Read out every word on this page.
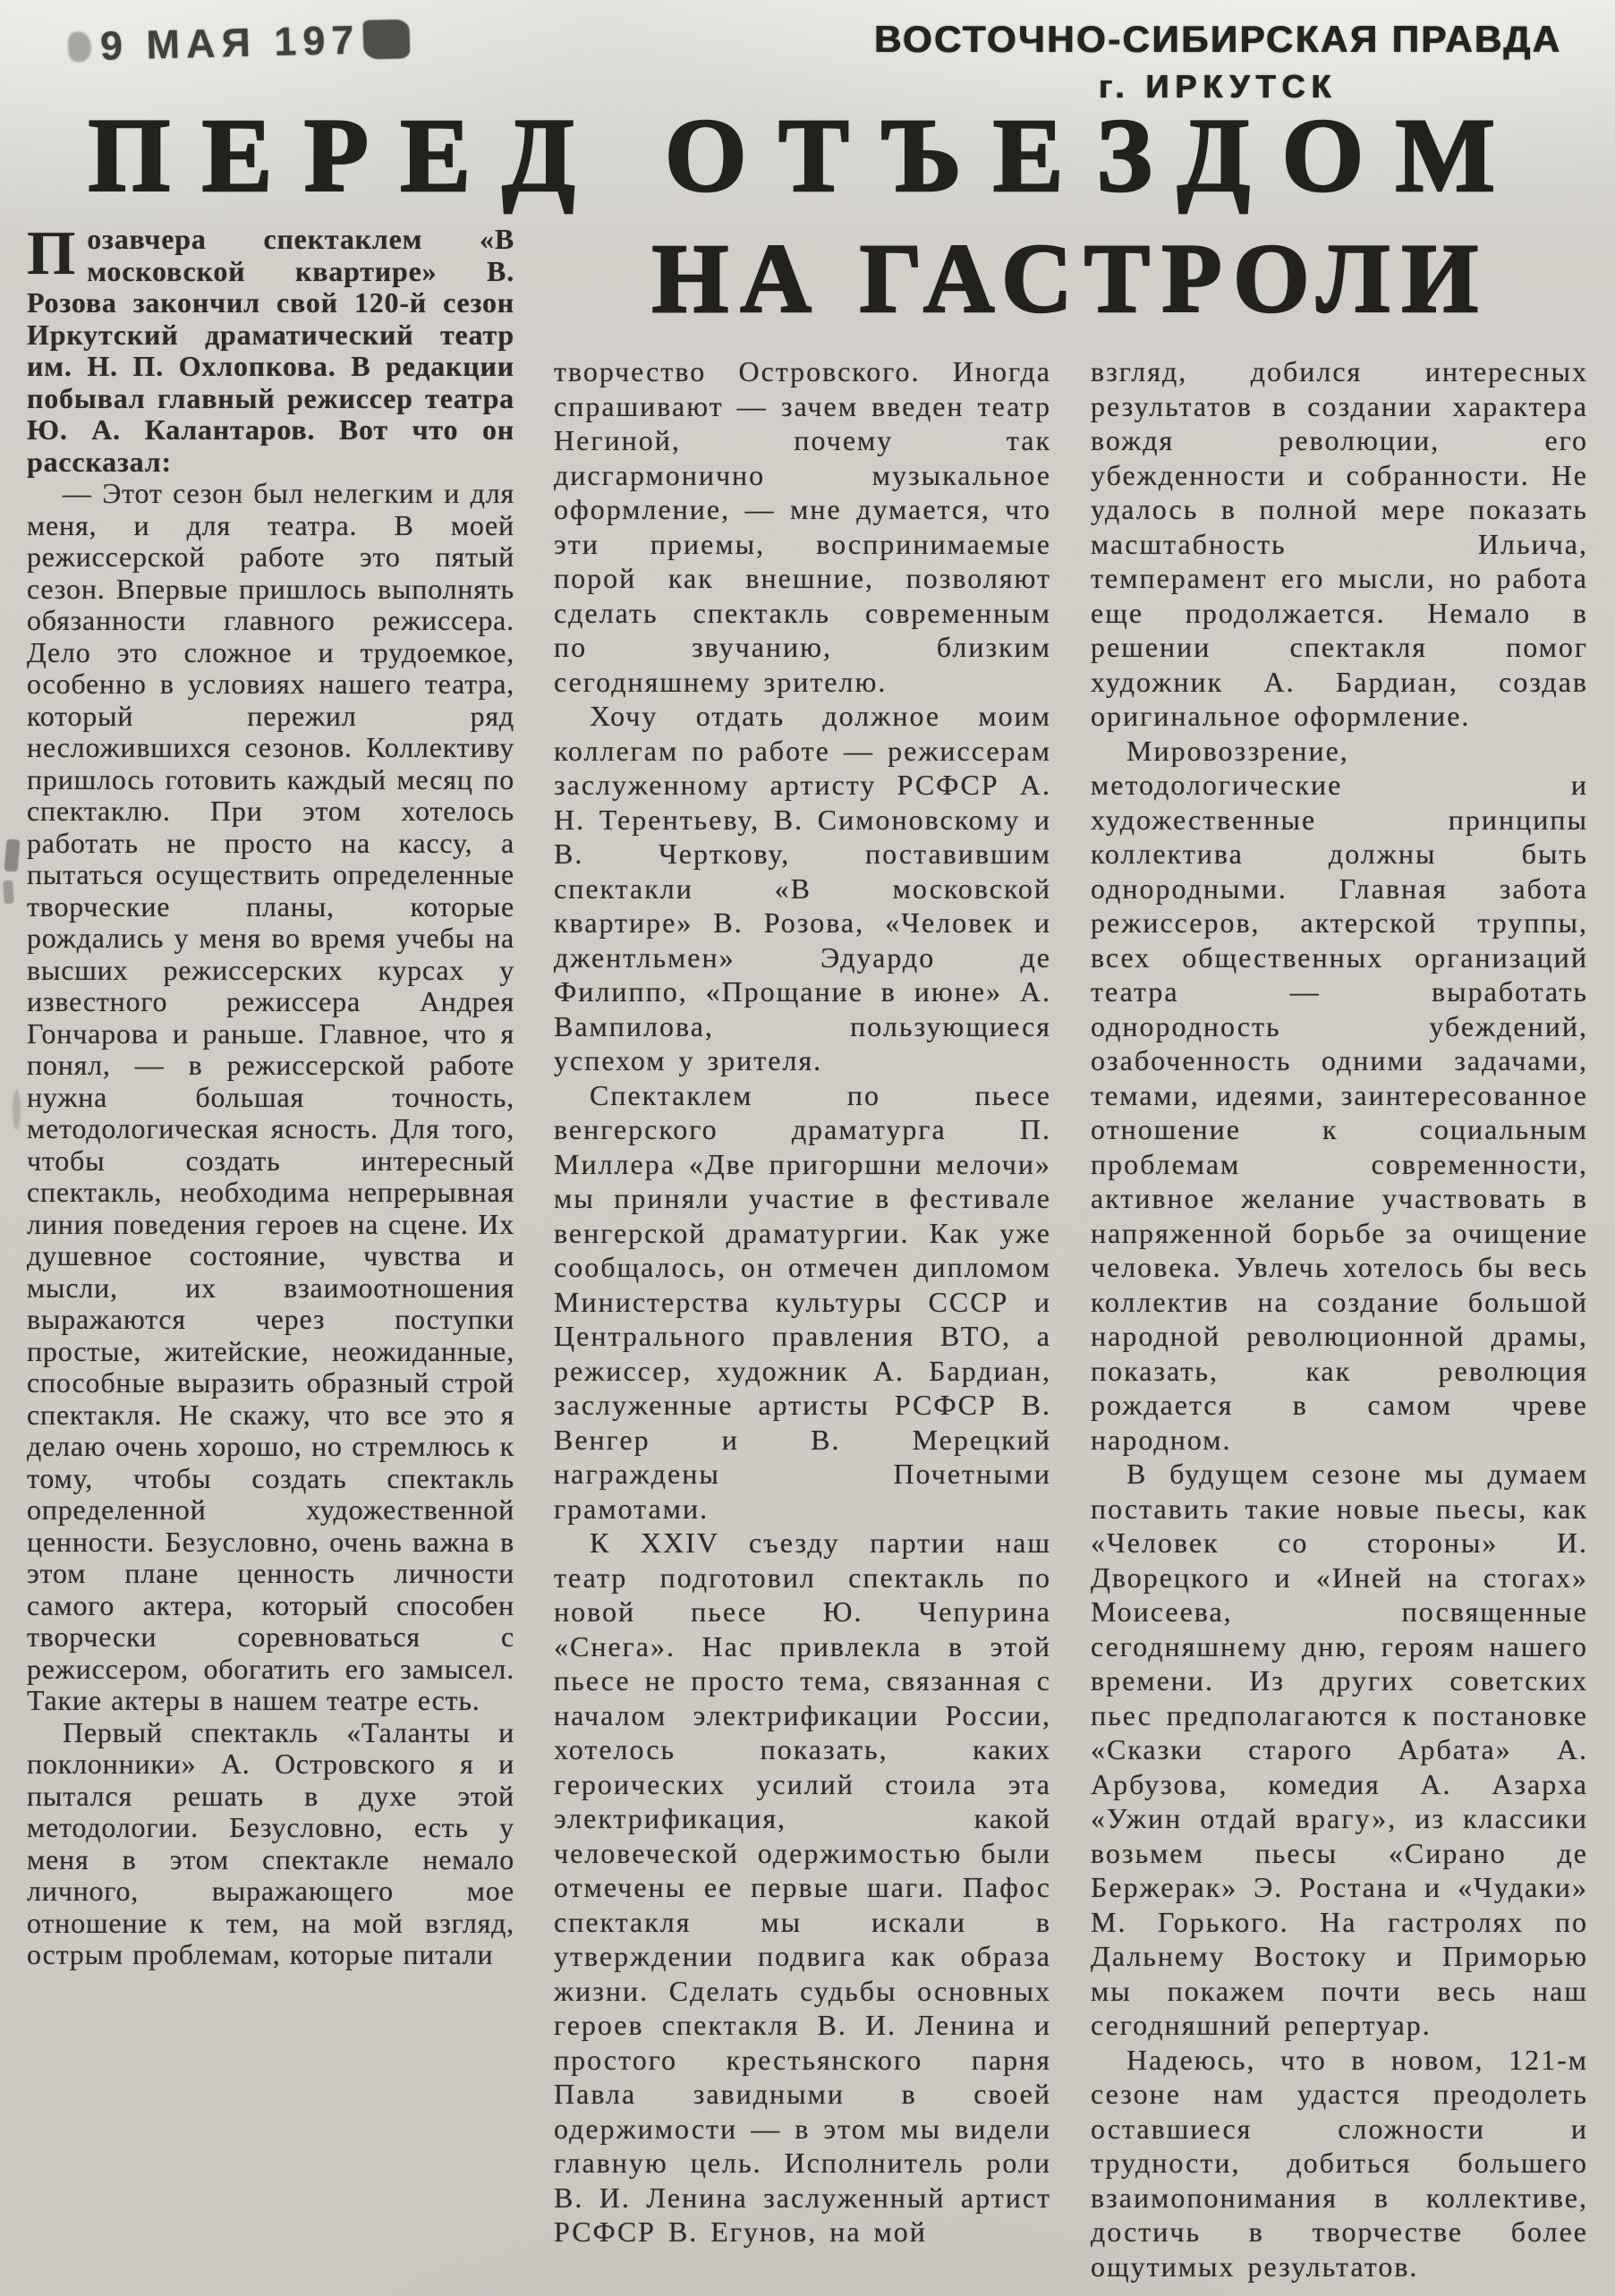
9 МАЯ 197	ВОСТОЧНО-СИБИРСКАЯ ПРАВДА
г. ИРКУТСК
ПЕРЕД ОТЪЕЗДОМ

Позавчера спектаклем «В московской квартире» В. Розова закончил свой 120-й сезон Иркутский драматический театр им. Н. П. Охлопкова. В редакции побывал главный режиссер театра Ю. А. Калантаров. Вот что он рассказал:

— Этот сезон был нелегким и для меня, и для театра. В моей режиссерской работе это пятый сезон. Впервые пришлось выполнять обязанности главного режиссера. Дело это сложное и трудоемкое, особенно в условиях нашего театра, который пережил ряд несложившихся сезонов. Коллективу пришлось готовить каждый месяц по спектаклю. При этом хотелось работать не просто на кассу, а пытаться осуществить определенные творческие планы, которые рождались у меня во время учебы на высших режиссерских курсах у известного режиссера Андрея Гончарова и раньше. Главное, что я понял, — в режиссерской работе нужна большая точность, методологическая ясность. Для того, чтобы создать интересный спектакль, необходима непрерывная линия поведения героев на сцене. Их душевное состояние, чувства и мысли, их взаимоотношения выражаются через поступки простые, житейские, неожиданные, способные выразить образный строй спектакля. Не скажу, что все это я делаю очень хорошо, но стремлюсь к тому, чтобы создать спектакль определенной художественной ценности. Безусловно, очень важна в этом плане ценность личности самого актера, который способен творчески соревноваться с режиссером, обогатить его замысел. Такие актеры в нашем театре есть.

Первый спектакль «Таланты и поклонники» А. Островского я и пытался решать в духе этой методологии. Безусловно, есть у меня в этом спектакле немало личного, выражающего мое отношение к тем, на мой взгляд, острым проблемам, которые питали

НА ГАСТРОЛИ

творчество Островского. Иногда спрашивают — зачем введен театр Негиной, почему так дисгармонично музыкальное оформление, — мне думается, что эти приемы, воспринимаемые порой как внешние, позволяют сделать спектакль современным по звучанию, близким сегодняшнему зрителю.

Хочу отдать должное моим коллегам по работе — режиссерам заслуженному артисту РСФСР А. Н. Терентьеву, В. Симоновскому и В. Черткову, поставившим спектакли «В московской квартире» В. Розова, «Человек и джентльмен» Эдуардо де Филиппо, «Прощание в июне» А. Вампилова, пользующиеся успехом у зрителя.

Спектаклем по пьесе венгерского драматурга П. Миллера «Две пригоршни мелочи» мы приняли участие в фестивале венгерской драматургии. Как уже сообщалось, он отмечен дипломом Министерства культуры СССР и Центрального правления ВТО, а режиссер, художник А. Бардиан, заслуженные артисты РСФСР В. Венгер и В. Мерецкий награждены Почетными грамотами.

К XXIV съезду партии наш театр подготовил спектакль по новой пьесе Ю. Чепурина «Снега». Нас привлекла в этой пьесе не просто тема, связанная с началом электрификации России, хотелось показать, каких героических усилий стоила эта электрификация, какой человеческой одержимостью были отмечены ее первые шаги. Пафос спектакля мы искали в утверждении подвига как образа жизни. Сделать судьбы основных героев спектакля В. И. Ленина и простого крестьянского парня Павла завидными в своей одержимости — в этом мы видели главную цель. Исполнитель роли В. И. Ленина заслуженный артист РСФСР В. Егунов, на мой

взгляд, добился интересных результатов в создании характера вождя революции, его убежденности и собранности. Не удалось в полной мере показать масштабность Ильича, темперамент его мысли, но работа еще продолжается. Немало в решении спектакля помог художник А. Бардиан, создав оригинальное оформление.

Мировоззрение, методологические и художественные принципы коллектива должны быть однородными. Главная забота режиссеров, актерской труппы, всех общественных организаций театра — выработать однородность убеждений, озабоченность одними задачами, темами, идеями, заинтересованное отношение к социальным проблемам современности, активное желание участвовать в напряженной борьбе за очищение человека. Увлечь хотелось бы весь коллектив на создание большой народной революционной драмы, показать, как революция рождается в самом чреве народном.

В будущем сезоне мы думаем поставить такие новые пьесы, как «Человек со стороны» И. Дворецкого и «Иней на стогах» Моисеева, посвященные сегодняшнему дню, героям нашего времени. Из других советских пьес предполагаются к постановке «Сказки старого Арбата» А. Арбузова, комедия А. Азарха «Ужин отдай врагу», из классики возьмем пьесы «Сирано де Бержерак» Э. Ростана и «Чудаки» М. Горького. На гастролях по Дальнему Востоку и Приморью мы покажем почти весь наш сегодняшний репертуар.

Надеюсь, что в новом, 121-м сезоне нам удастся преодолеть оставшиеся сложности и трудности, добиться большего взаимопонимания в коллективе, достичь в творчестве более ощутимых результатов.
